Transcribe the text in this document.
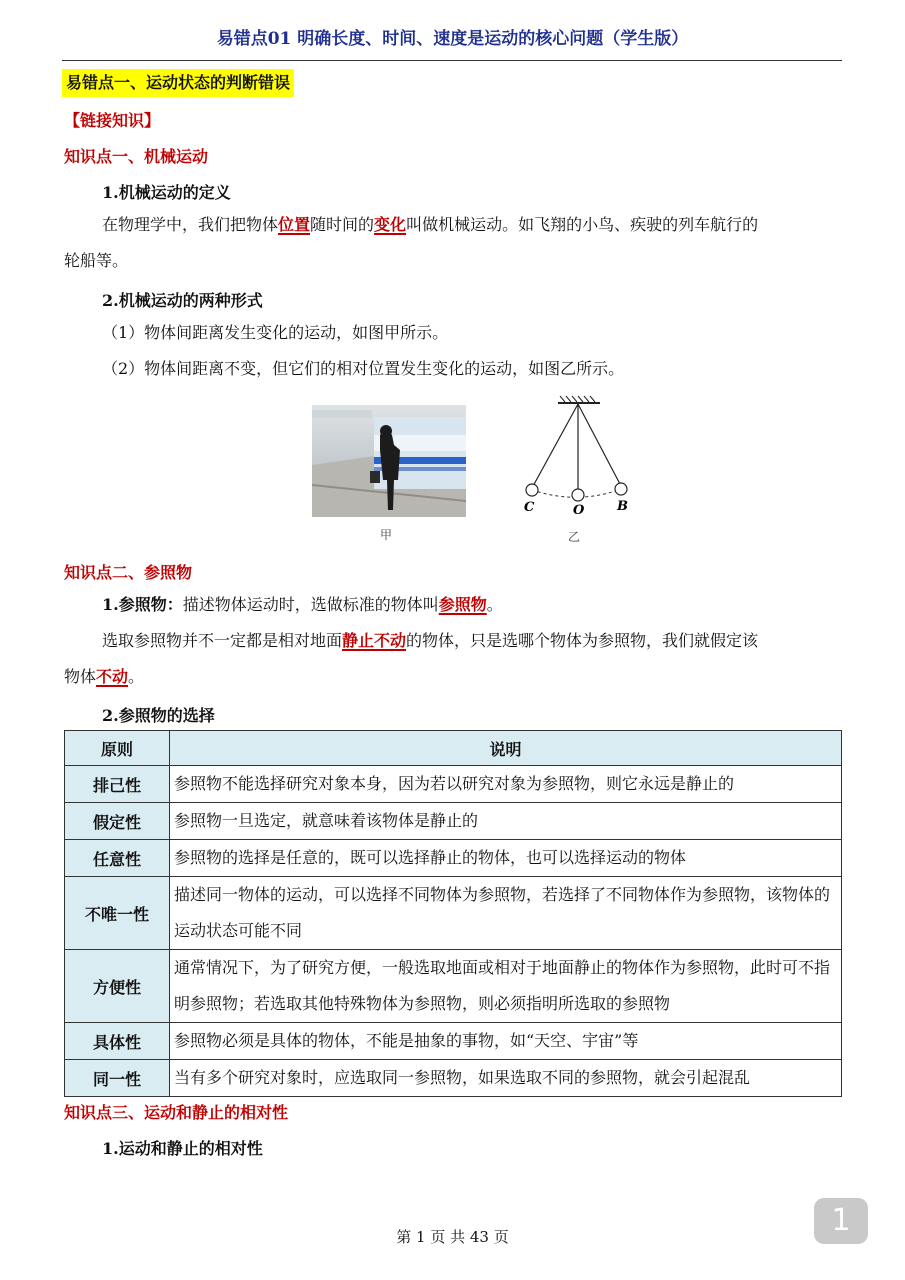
易错点01 明确长度、时间、速度是运动的核心问题（学生版）
易错点一、运动状态的判断错误
【链接知识】
知识点一、机械运动
1.机械运动的定义
在物理学中，我们把物体位置随时间的变化叫做机械运动。如飞翔的小鸟、疾驶的列车航行的
轮船等。
2.机械运动的两种形式
（1）物体间距离发生变化的运动，如图甲所示。
（2）物体间距离不变，但它们的相对位置发生变化的运动，如图乙所示。
甲
C	O	B
乙
知识点二、参照物
1.参照物：描述物体运动时，选做标准的物体叫参照物。
选取参照物并不一定都是相对地面静止不动的物体，只是选哪个物体为参照物，我们就假定该
物体不动。
2.参照物的选择
原则	说明
排己性	参照物不能选择研究对象本身，因为若以研究对象为参照物，则它永远是静止的
假定性	参照物一旦选定，就意味着该物体是静止的
任意性	参照物的选择是任意的，既可以选择静止的物体，也可以选择运动的物体
不唯一性	描述同一物体的运动，可以选择不同物体为参照物，若选择了不同物体作为参照物，该物体的运动状态可能不同
方便性	通常情况下，为了研究方便，一般选取地面或相对于地面静止的物体作为参照物，此时可不指明参照物；若选取其他特殊物体为参照物，则必须指明所选取的参照物
具体性	参照物必须是具体的物体，不能是抽象的事物，如“天空、宇宙”等
同一性	当有多个研究对象时，应选取同一参照物，如果选取不同的参照物，就会引起混乱
知识点三、运动和静止的相对性
1.运动和静止的相对性
第 1 页 共 43 页	1
